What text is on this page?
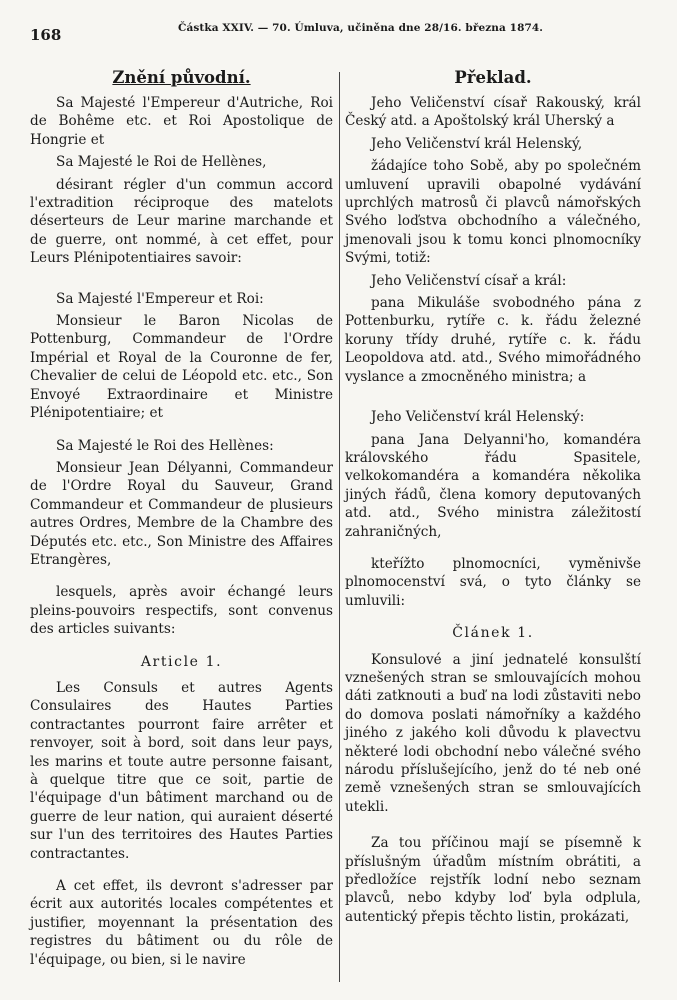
168	Částka XXIV. — 70. Úmluva, učiněna dne 28/16. března 1874.
Znění původní.

Sa Majesté l'Empereur d'Autriche, Roi de Bohême etc. et Roi Apostolique de Hongrie et

Sa Majesté le Roi de Hellènes,

désirant régler d'un commun accord l'extradition réciproque des matelots déserteurs de Leur marine marchande et de guerre, ont nommé, à cet effet, pour Leurs Plénipotentiaires savoir:

Sa Majesté l'Empereur et Roi:

Monsieur le Baron Nicolas de Pottenburg, Commandeur de l'Ordre Impérial et Royal de la Couronne de fer, Chevalier de celui de Léopold etc. etc., Son Envoyé Extraordinaire et Ministre Plénipotentiaire; et

Sa Majesté le Roi des Hellènes:

Monsieur Jean Délyanni, Commandeur de l'Ordre Royal du Sauveur, Grand Commandeur et Commandeur de plusieurs autres Ordres, Membre de la Chambre des Députés etc. etc., Son Ministre des Affaires Etrangères,

lesquels, après avoir échangé leurs pleins-pouvoirs respectifs, sont convenus des articles suivants:

Article 1.

Les Consuls et autres Agents Consulaires des Hautes Parties contractantes pourront faire arrêter et renvoyer, soit à bord, soit dans leur pays, les marins et toute autre personne faisant, à quelque titre que ce soit, partie de l'équipage d'un bâtiment marchand ou de guerre de leur nation, qui auraient déserté sur l'un des territoires des Hautes Parties contractantes.

A cet effet, ils devront s'adresser par écrit aux autorités locales compétentes et justifier, moyennant la présentation des registres du bâtiment ou du rôle de l'équipage, ou bien, si le navire

Překlad.

Jeho Veličenství císař Rakouský, král Český atd. a Apoštolský král Uherský a

Jeho Veličenství král Helenský,

žádajíce toho Sobě, aby po společném umluvení upravili obapolné vydávání uprchlých matrosů či plavců námořských Svého loďstva obchodního a válečného, jmenovali jsou k tomu konci plnomocníky Svými, totiž:

Jeho Veličenství císař a král:

pana Mikuláše svobodného pána z Pottenburku, rytíře c. k. řádu železné koruny třídy druhé, rytíře c. k. řádu Leopoldova atd. atd., Svého mimořádného vyslance a zmocněného ministra; a

Jeho Veličenství král Helenský:

pana Jana Delyanni'ho, komandéra královského řádu Spasitele, velkokomandéra a komandéra několika jiných řádů, člena komory deputovaných atd. atd., Svého ministra záležitostí zahraničných,

kteřížto plnomocníci, vyměnivše plnomocenství svá, o tyto články se umluvili:

Článek 1.

Konsulové a jiní jednatelé konsulští vznešených stran se smlouvajících mohou dáti zatknouti a buď na lodi zůstaviti nebo do domova poslati námořníky a každého jiného z jakého koli důvodu k plavectvu některé lodi obchodní nebo válečné svého národu příslušejícího, jenž do té neb oné země vznešených stran se smlouvajících utekli.

Za tou příčinou mají se písemně k příslušným úřadům místním obrátiti, a předložíce rejstřík lodní nebo seznam plavců, nebo kdyby loď byla odplula, autentický přepis těchto listin, prokázati,
